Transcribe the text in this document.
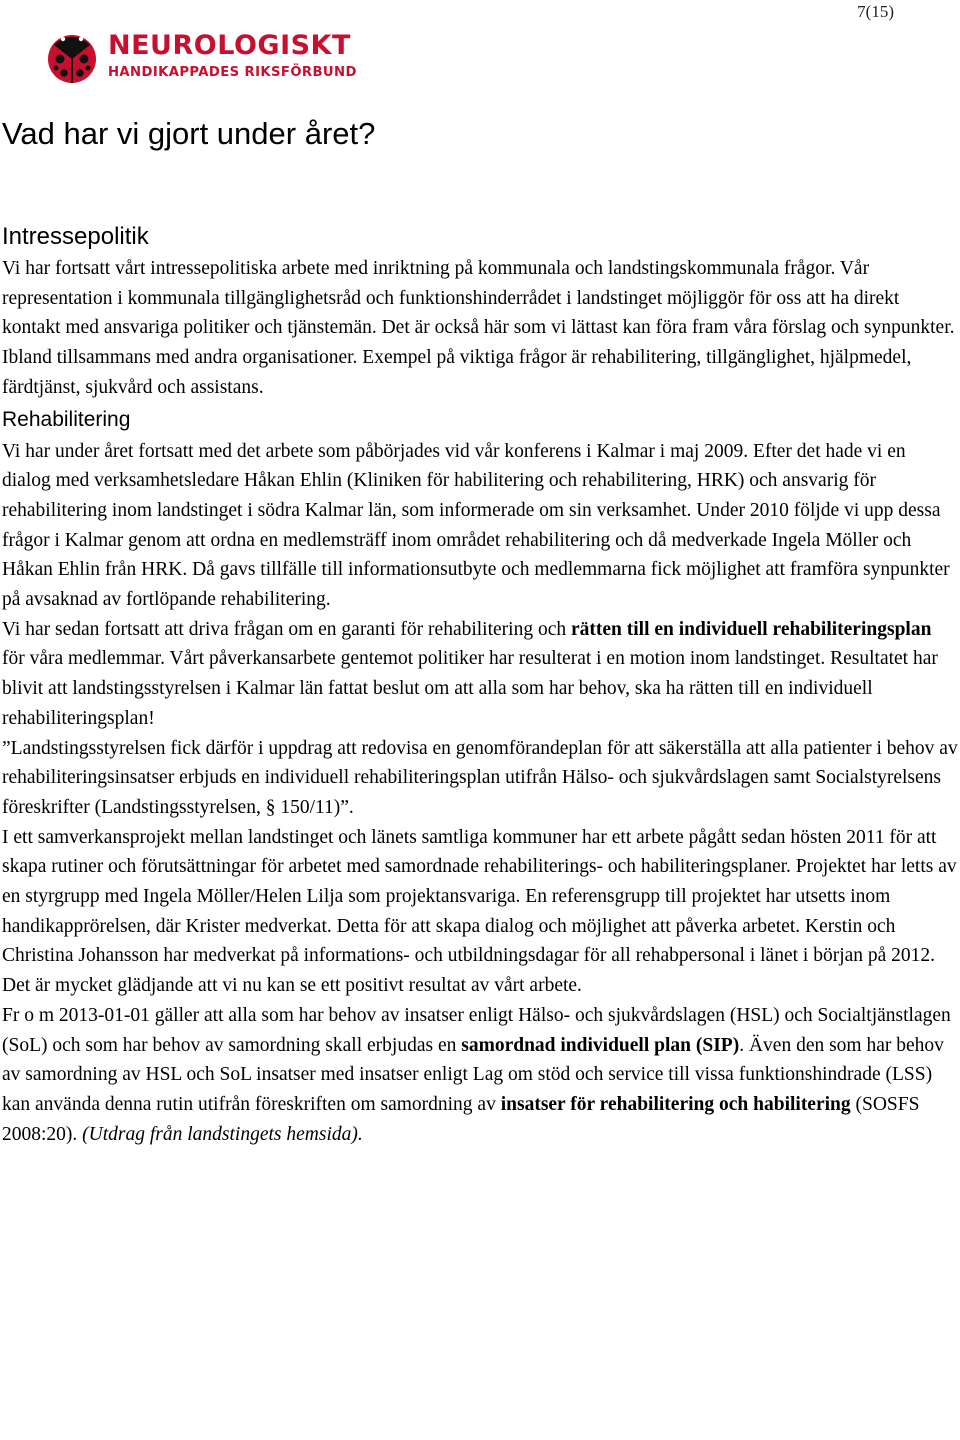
7(15)
NEUROLOGISKT
HANDIKAPPADES RIKSFÖRBUND
Vad har vi gjort under året?
Intressepolitik

Vi har fortsatt vårt intressepolitiska arbete med inriktning på kommunala och landstingskommunala frågor. Vår representation i kommunala tillgänglighetsråd och funktionshinderrådet i landstinget möjliggör för oss att ha direkt kontakt med ansvariga politiker och tjänstemän. Det är också här som vi lättast kan föra fram våra förslag och synpunkter. Ibland tillsammans med andra organisationer. Exempel på viktiga frågor är rehabilitering, tillgänglighet, hjälpmedel, färdtjänst, sjukvård och assistans.

Rehabilitering

Vi har under året fortsatt med det arbete som påbörjades vid vår konferens i Kalmar i maj 2009. Efter det hade vi en dialog med verksamhetsledare Håkan Ehlin (Kliniken för habilitering och rehabilitering, HRK) och ansvarig för rehabilitering inom landstinget i södra Kalmar län, som informerade om sin verksamhet. Under 2010 följde vi upp dessa frågor i Kalmar genom att ordna en medlemsträff inom området rehabilitering och då medverkade Ingela Möller och Håkan Ehlin från HRK. Då gavs tillfälle till informationsutbyte och medlemmarna fick möjlighet att framföra synpunkter på avsaknad av fortlöpande rehabilitering.

Vi har sedan fortsatt att driva frågan om en garanti för rehabilitering och rätten till en individuell rehabiliteringsplan för våra medlemmar. Vårt påverkansarbete gentemot politiker har resulterat i en motion inom landstinget. Resultatet har blivit att landstingsstyrelsen i Kalmar län fattat beslut om att alla som har behov, ska ha rätten till en individuell rehabiliteringsplan!

”Landstingsstyrelsen fick därför i uppdrag att redovisa en genomförandeplan för att säkerställa att alla patienter i behov av rehabiliteringsinsatser erbjuds en individuell rehabiliteringsplan utifrån Hälso- och sjukvårdslagen samt Socialstyrelsens föreskrifter (Landstingsstyrelsen, § 150/11)”.

I ett samverkansprojekt mellan landstinget och länets samtliga kommuner har ett arbete pågått sedan hösten 2011 för att skapa rutiner och förutsättningar för arbetet med samordnade rehabiliterings- och habiliteringsplaner. Projektet har letts av en styrgrupp med Ingela Möller/Helen Lilja som projektansvariga. En referensgrupp till projektet har utsetts inom handikapprörelsen, där Krister medverkat. Detta för att skapa dialog och möjlighet att påverka arbetet. Kerstin och Christina Johansson har medverkat på informations- och utbildningsdagar för all rehabpersonal i länet i början på 2012.

Det är mycket glädjande att vi nu kan se ett positivt resultat av vårt arbete.

Fr o m 2013-01-01 gäller att alla som har behov av insatser enligt Hälso- och sjukvårdslagen (HSL) och Socialtjänstlagen (SoL) och som har behov av samordning skall erbjudas en samordnad individuell plan (SIP). Även den som har behov av samordning av HSL och SoL insatser med insatser enligt Lag om stöd och service till vissa funktionshindrade (LSS) kan använda denna rutin utifrån föreskriften om samordning av insatser för rehabilitering och habilitering (SOSFS 2008:20). (Utdrag från landstingets hemsida).
